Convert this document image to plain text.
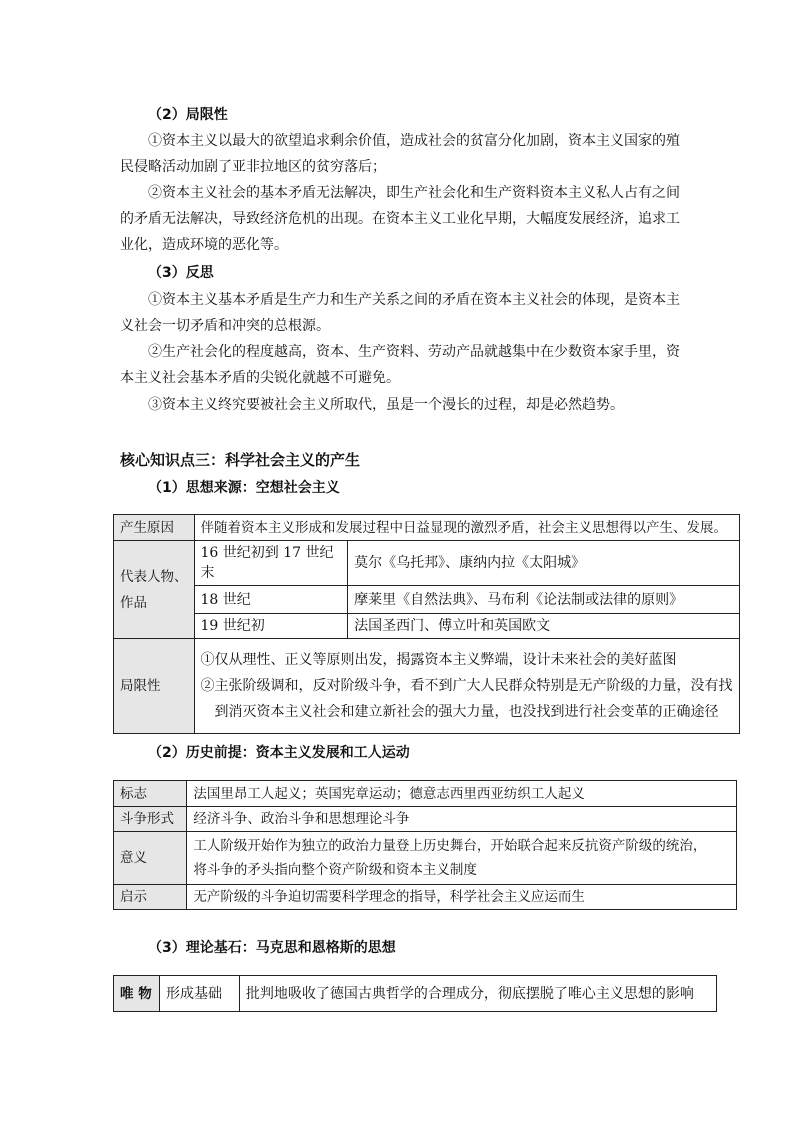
（2）局限性
①资本主义以最大的欲望追求剩余价值，造成社会的贫富分化加剧，资本主义国家的殖
民侵略活动加剧了亚非拉地区的贫穷落后；
②资本主义社会的基本矛盾无法解决，即生产社会化和生产资料资本主义私人占有之间
的矛盾无法解决，导致经济危机的出现。在资本主义工业化早期，大幅度发展经济，追求工
业化，造成环境的恶化等。
（3）反思
①资本主义基本矛盾是生产力和生产关系之间的矛盾在资本主义社会的体现，是资本主
义社会一切矛盾和冲突的总根源。
②生产社会化的程度越高，资本、生产资料、劳动产品就越集中在少数资本家手里，资
本主义社会基本矛盾的尖锐化就越不可避免。
③资本主义终究要被社会主义所取代，虽是一个漫长的过程，却是必然趋势。
核心知识点三：科学社会主义的产生
（1）思想来源：空想社会主义
产生原因	伴随着资本主义形成和发展过程中日益显现的激烈矛盾，社会主义思想得以产生、发展。	

代表人物、
作品	16 世纪初到 17 世纪末	莫尔《乌托邦》、康纳内拉《太阳城》
	18 世纪	摩莱里《自然法典》、马布利《论法制或法律的原则》
	19 世纪初	法国圣西门、傅立叶和英国欧文
局限性	①仅从理性、正义等原则出发，揭露资本主义弊端，设计未来社会的美好蓝图
②主张阶级调和，反对阶级斗争，看不到广大人民群众特别是无产阶级的力量，没有找
到消灭资本主义社会和建立新社会的强大力量，也没找到进行社会变革的正确途径	
（2）历史前提：资本主义发展和工人运动
标志	法国里昂工人起义；英国宪章运动；德意志西里西亚纺织工人起义
斗争形式	经济斗争、政治斗争和思想理论斗争
意义	工人阶级开始作为独立的政治力量登上历史舞台，开始联合起来反抗资产阶级的统治，
将斗争的矛头指向整个资产阶级和资本主义制度

启示	无产阶级的斗争迫切需要科学理念的指导，科学社会主义应运而生
（3）理论基石：马克思和恩格斯的思想
唯 物	形成基础	批判地吸收了德国古典哲学的合理成分，彻底摆脱了唯心主义思想的影响
